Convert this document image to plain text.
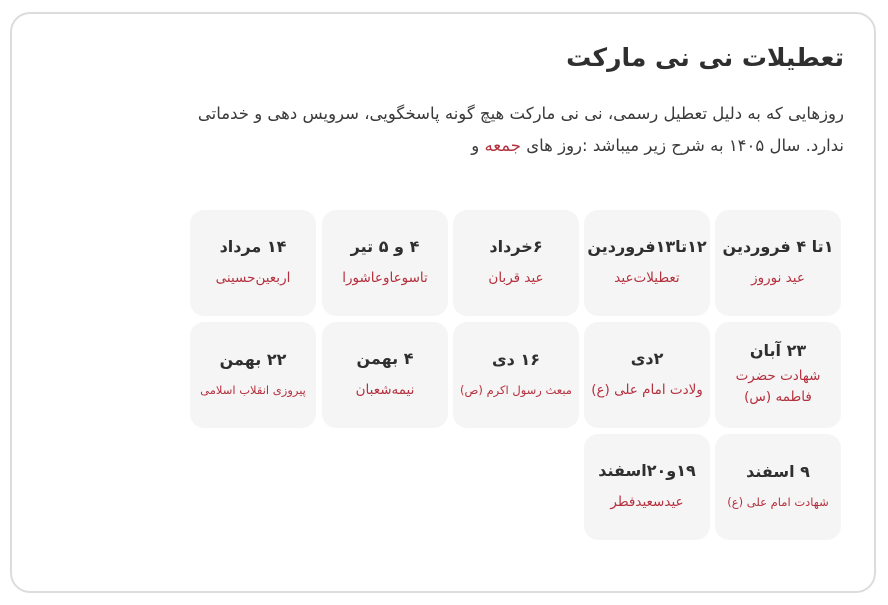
تعطیلات نی نی مارکت

روزهایی که به دلیل تعطیل رسمی، نی نی مارکت هیچ گونه پاسخگویی، سرویس دهی و خدماتی ندارد. سال ۱۴۰۵ به شرح زیر میباشد :روز های جمعه و

۱تا ۴ فروردین
عید نوروز
۱۲تا۱۳فروردین
تعطیلات‌عید
۶خرداد
عید قربان
۴ و ۵ تیر
تاسوعاوعاشورا
۱۴ مرداد
اربعین‌حسینی
۲۳ آبان
شهادت حضرت فاطمه (س)
۲دی
ولادت امام علی (ع)
۱۶ دی
مبعث رسول اکرم (ص)
۴ بهمن
نیمه‌شعبان
۲۲ بهمن
پیروزی انقلاب اسلامی
۹ اسفند
شهادت امام علی (ع)
۱۹و۲۰اسفند
عیدسعیدفطر
